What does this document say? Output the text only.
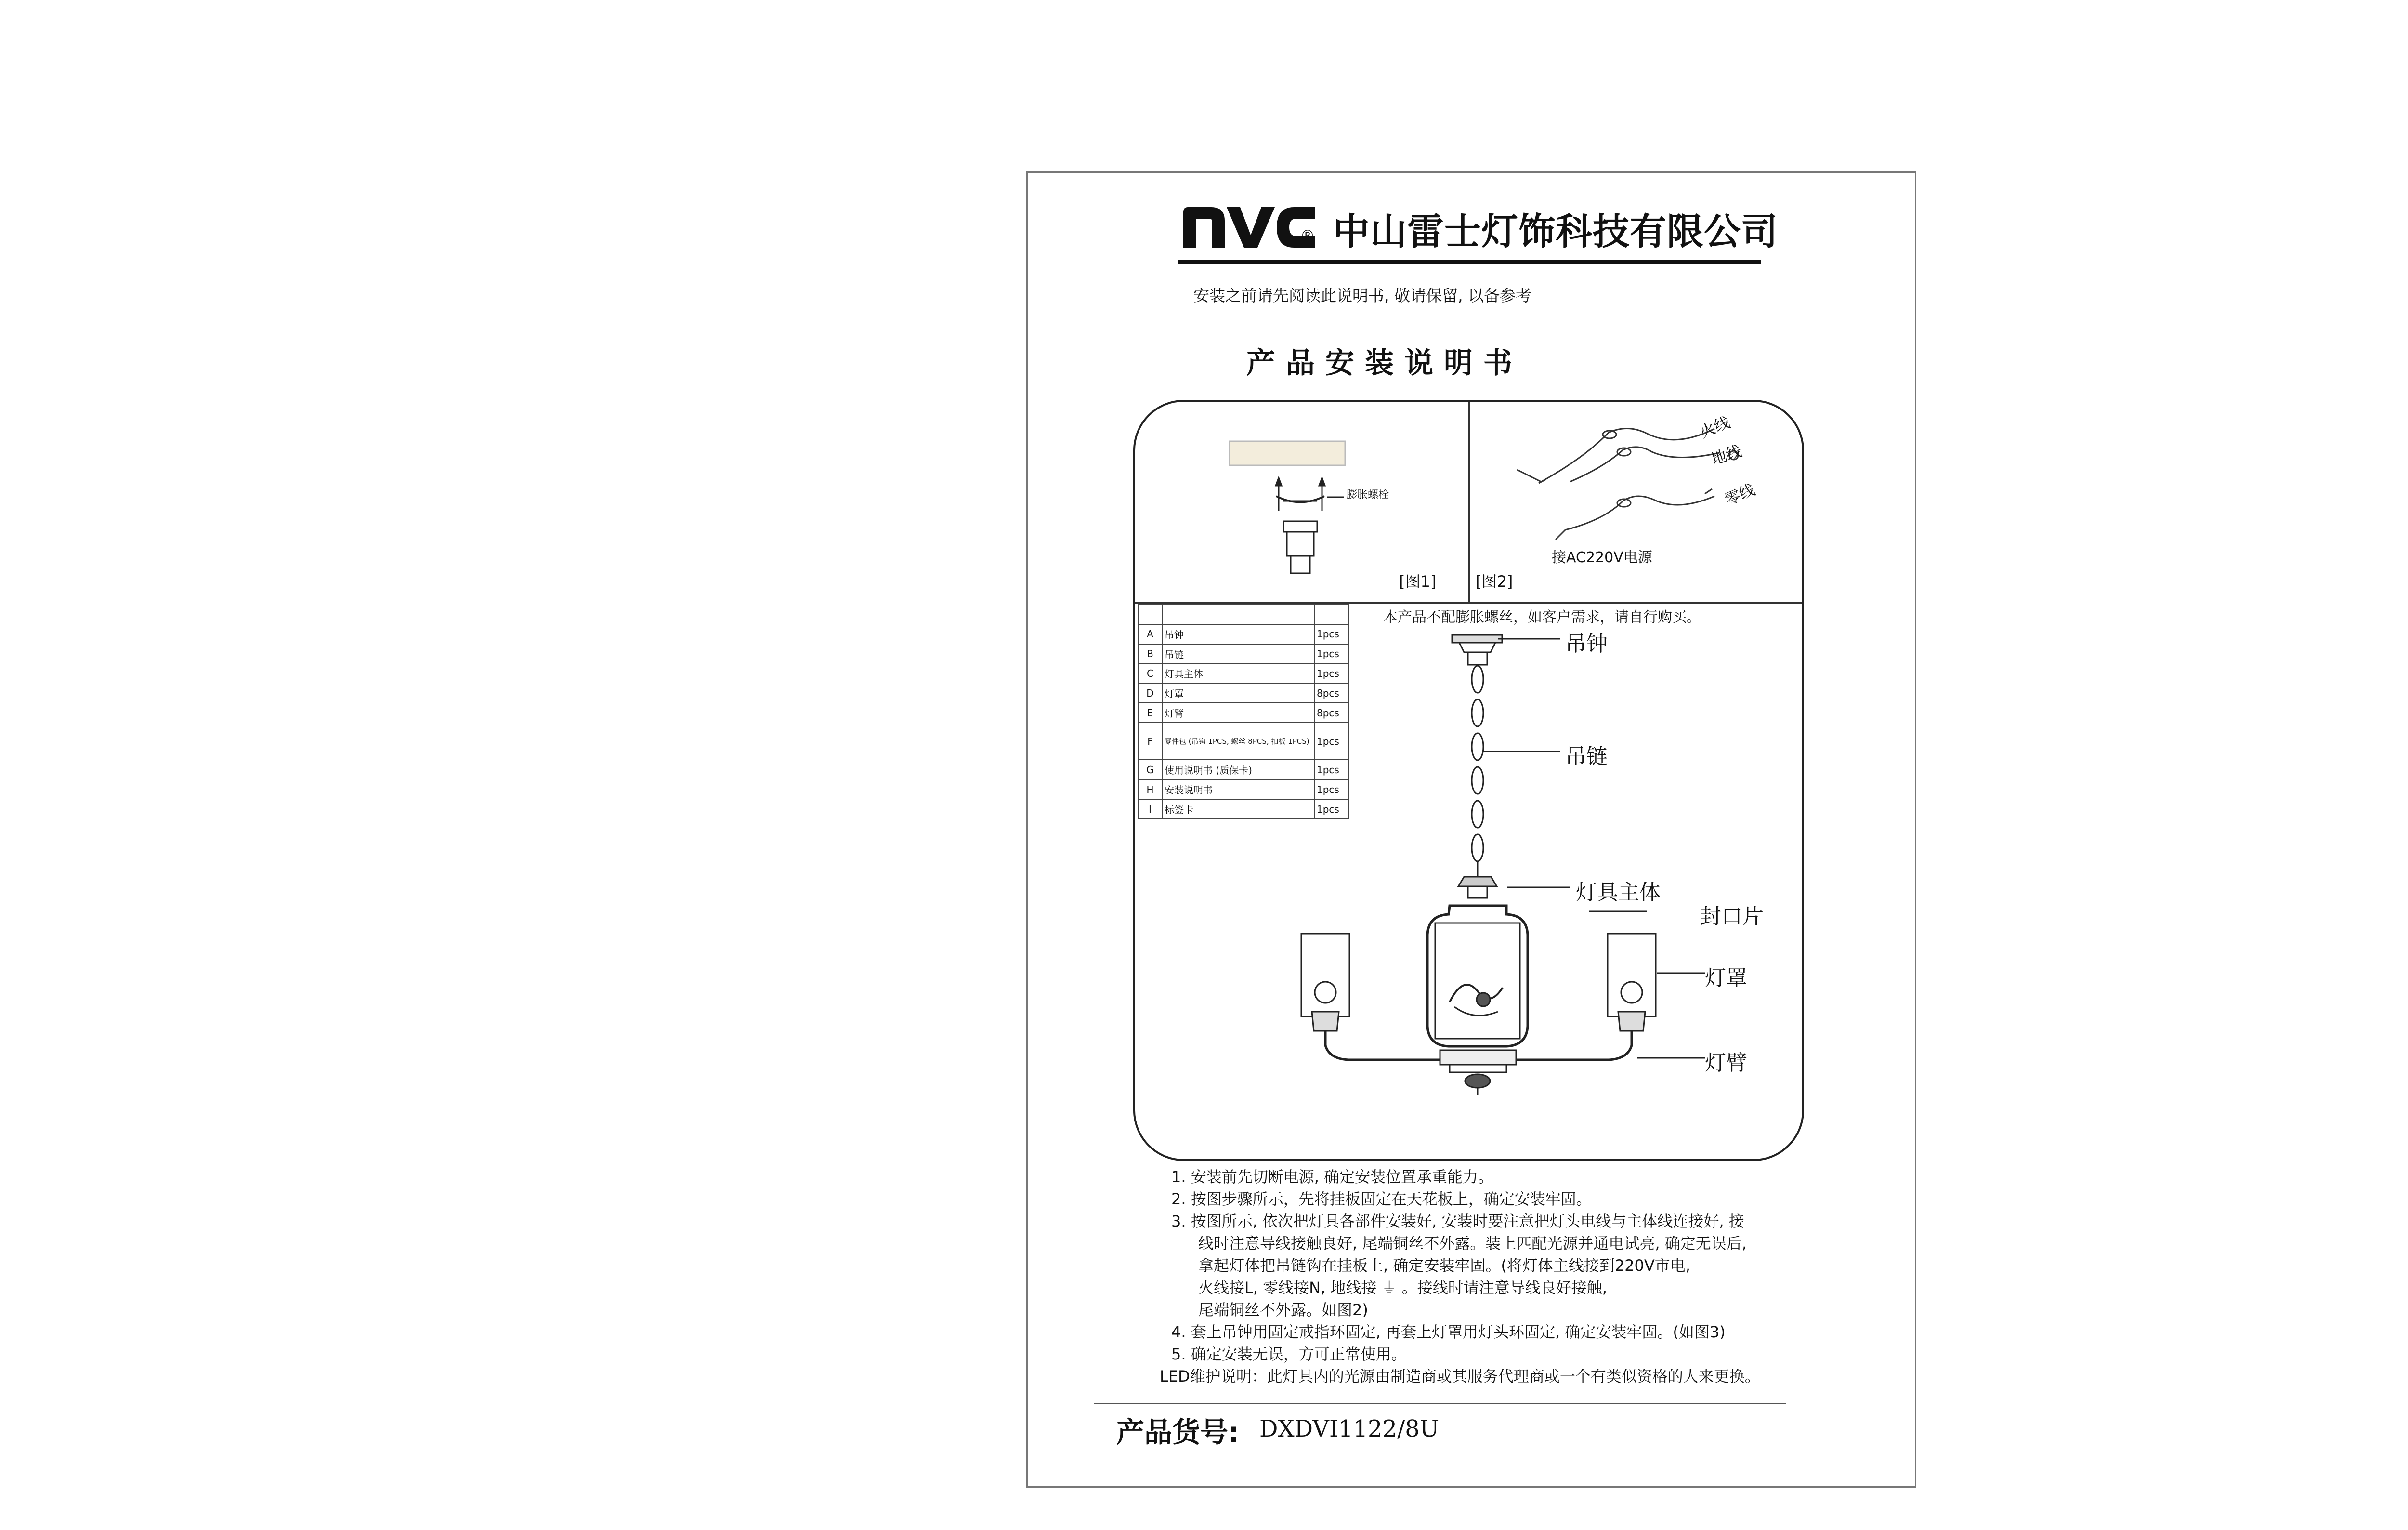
® 中山雷士灯饰科技有限公司
安装之前请先阅读此说明书, 敬请保留, 以备参考
产品安装说明书
[图1]
膨胀螺栓
[图2]
火线
地线
零线
接AC220V电源
本产品不配膨胀螺丝，如客户需求，请自行购买。

A	吊钟	1pcs
B	吊链	1pcs
C	灯具主体	1pcs
D	灯罩	8pcs
E	灯臂	8pcs
F	零件包 (吊钩 1PCS, 螺丝 8PCS, 扣板 1PCS)	1pcs
G	使用说明书 (质保卡)	1pcs
H	安装说明书	1pcs
I	标签卡	1pcs
吊钟
吊链
灯具主体
封口片
灯罩
灯臂
1. 安装前先切断电源, 确定安装位置承重能力。
2. 按图步骤所示，先将挂板固定在天花板上，确定安装牢固。
3. 按图所示, 依次把灯具各部件安装好, 安装时要注意把灯头电线与主体线连接好, 接
线时注意导线接触良好, 尾端铜丝不外露。装上匹配光源并通电试亮, 确定无误后,
拿起灯体把吊链钩在挂板上, 确定安装牢固。(将灯体主线接到220V市电,
火线接L, 零线接N, 地线接 ⏚ 。接线时请注意导线良好接触,
尾端铜丝不外露。如图2)
4. 套上吊钟用固定戒指环固定, 再套上灯罩用灯头环固定, 确定安装牢固。(如图3)
5. 确定安装无误，方可正常使用。
LED维护说明：此灯具内的光源由制造商或其服务代理商或一个有类似资格的人来更换。
产品货号: DXDVI1122/8U
